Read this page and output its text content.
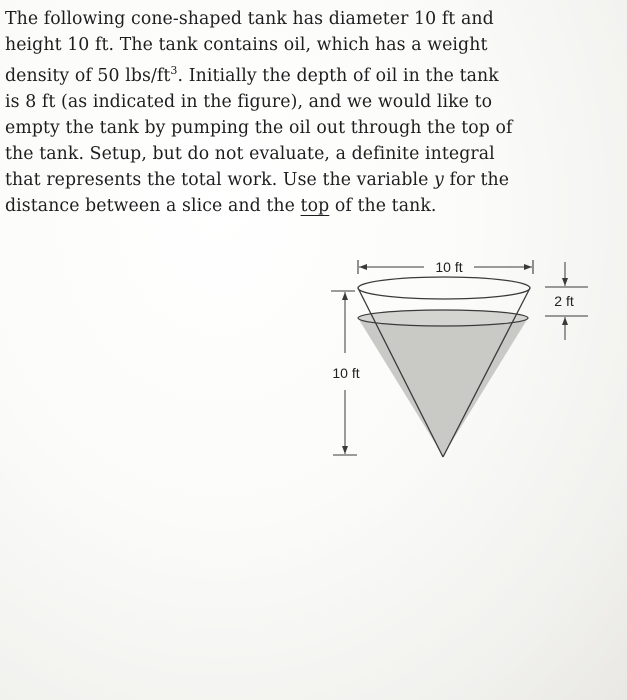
The following cone-shaped tank has diameter 10 ft and
height 10 ft. The tank contains oil, which has a weight
density of 50 lbs/$ft^3$. Initially the depth of oil in the tank
is 8 ft (as indicated in the figure), and we would like to
empty the tank by pumping the oil out through the top of
the tank. Setup, but do not evaluate, a definite integral
that represents the total work. Use the variable y for the
distance between a slice and the top of the tank.
10 ft
10 ft
2 ft
